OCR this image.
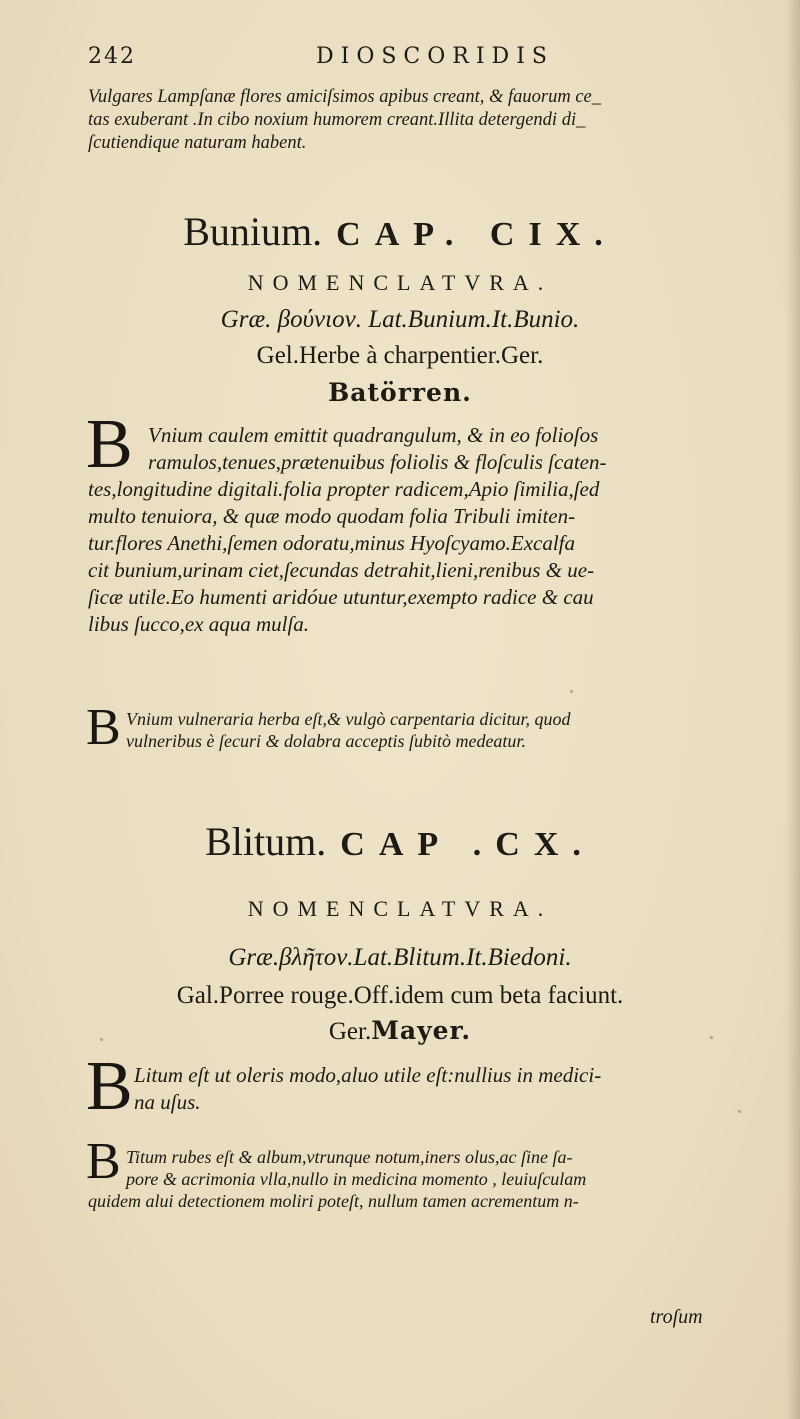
242	DIOSCORIDIS
Vulgares Lampſanæ flores amiciſsimos apibus creant, & fauorum ce_
tas exuberant .In cibo noxium humorem creant.Illita detergendi di_
ſcutiendique naturam habent.
Bunium. CAP. CIX.
NOMENCLATVRA.
Græ. βούνιον. Lat.Bunium.It.Bunio.
Gel.Herbe à charpentier.Ger.
Batörren.
B Vnium caulem emittit quadrangulum, & in eo folioſos
ramulos,tenues,prætenuibus foliolis & floſculis ſcaten-
tes,longitudine digitali.folia propter radicem,Apio ſimilia,ſed
multo tenuiora, & quæ modo quodam folia Tribuli imiten-
tur.flores Anethi,ſemen odoratu,minus Hyoſcyamo.Excalfa
cit bunium,urinam ciet,ſecundas detrahit,lieni,renibus & ue-
ſicæ utile.Eo humenti aridóue utuntur,exempto radice & cau
libus ſucco,ex aqua mulſa.
B Vnium vulneraria herba eſt,& vulgò carpentaria dicitur, quod
vulneribus è ſecuri & dolabra acceptis ſubitò medeatur.
Blitum. CAP .CX.
NOMENCLATVRA.
Græ.βλῆτον.Lat.Blitum.It.Biedoni.
Gal.Porree rouge.Off.idem cum beta faciunt.
Ger.Mayer.
B Litum eſt ut oleris modo,aluo utile eſt:nullius in medici-
na uſus.
B Titum rubes eſt & album,vtrunque notum,iners olus,ac ſine ſa-
pore & acrimonia vlla,nullo in medicina momento , leuiuſculam
quidem alui detectionem moliri poteſt, nullum tamen acrementum n-
troſum
